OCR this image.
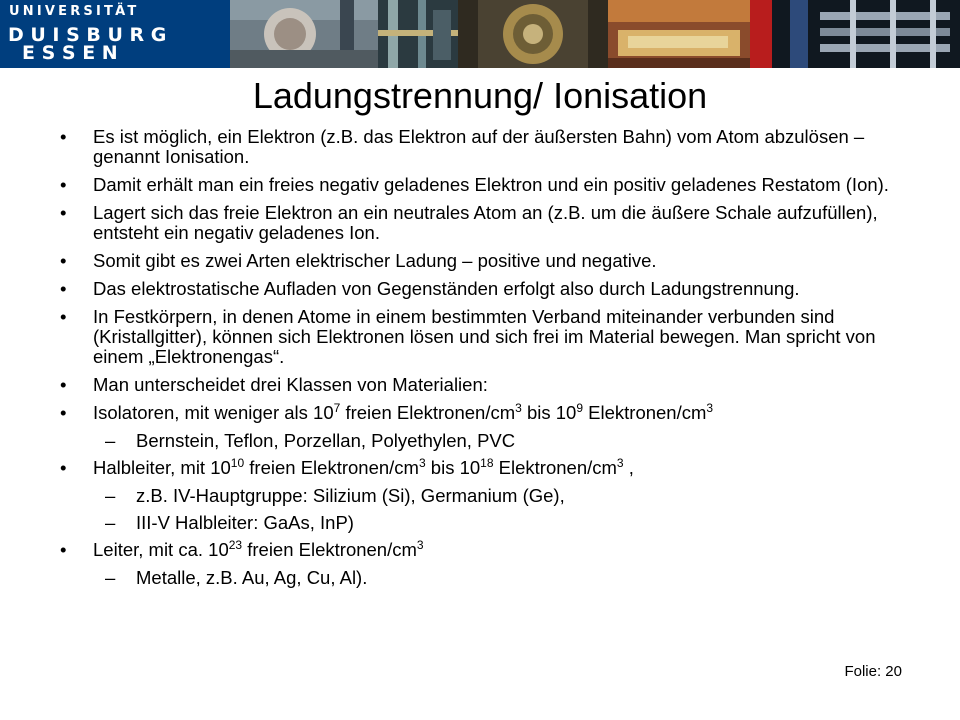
UNIVERSITÄT
D U I S B U R G
E S S E N
Ladungstrennung/ Ionisation
• Es ist möglich, ein Elektron (z.B. das Elektron auf der äußersten Bahn) vom Atom abzulösen – genannt Ionisation.
• Damit erhält man ein freies negativ geladenes Elektron und ein positiv geladenes Restatom (Ion).
• Lagert sich das freie Elektron an ein neutrales Atom an (z.B. um die äußere Schale aufzufüllen), entsteht ein negativ geladenes Ion.
• Somit gibt es zwei Arten elektrischer Ladung – positive und negative.
• Das elektrostatische Aufladen von Gegenständen erfolgt also durch Ladungstrennung.
• In Festkörpern, in denen Atome in einem bestimmten Verband miteinander verbunden sind (Kristallgitter), können sich Elektronen lösen und sich frei im Material bewegen. Man spricht von einem „Elektronengas“.
• Man unterscheidet drei Klassen von Materialien:
• Isolatoren, mit weniger als $10^7$ freien Elektronen/$cm^3$ bis $10^9$ Elektronen/$cm^3$
– Bernstein, Teflon, Porzellan, Polyethylen, PVC
• Halbleiter, mit $10^{10}$ freien Elektronen/$cm^3$ bis $10^{18}$ Elektronen/$cm^3$ ,
– z.B. IV-Hauptgruppe: Silizium (Si), Germanium (Ge),
– III-V Halbleiter: GaAs, InP)
• Leiter, mit ca. $10^{23}$ freien Elektronen/$cm^3$
– Metalle, z.B. Au, Ag, Cu, Al).
Folie: 20
